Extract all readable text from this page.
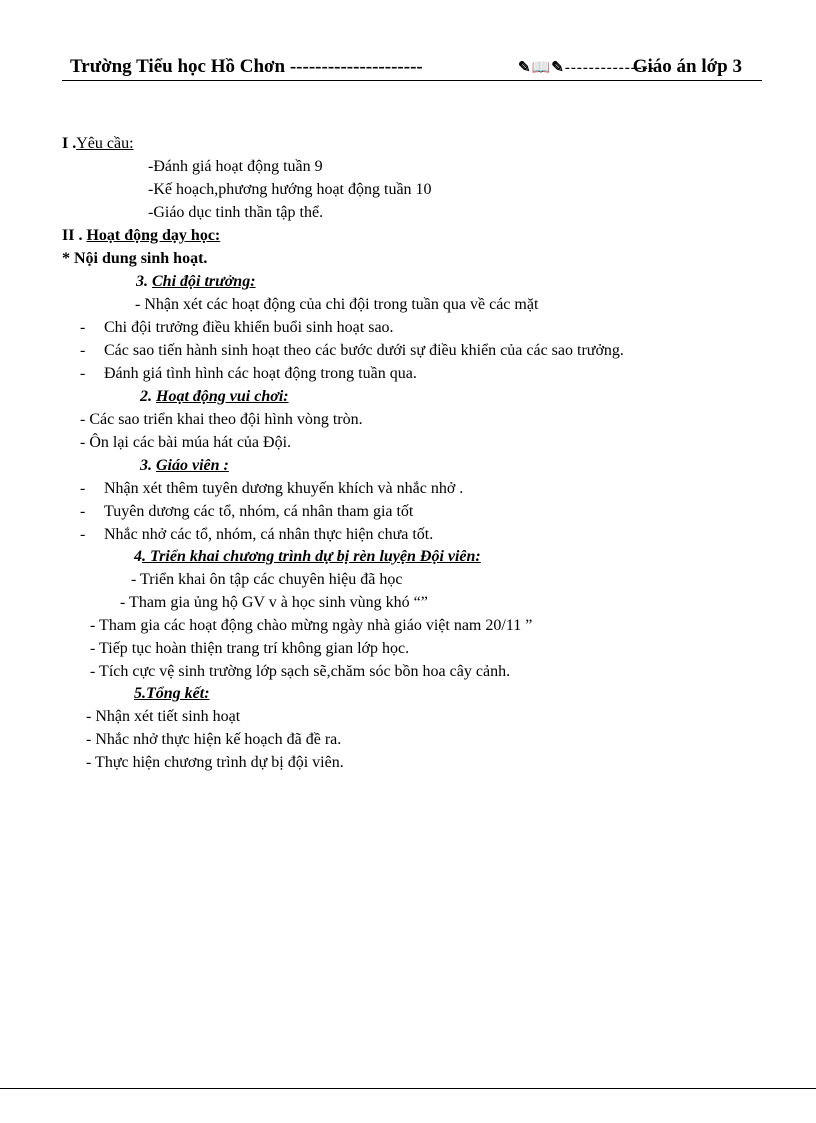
Trường Tiểu học Hồ Chơn ---------------------	✎📖✎---------------
Giáo án lớp 3
I .Yêu cầu:
-Đánh giá hoạt động tuần 9
-Kế hoạch,phương hướng hoạt động tuần 10
-Giáo dục tinh thần tập thể.
II . Hoạt động dạy học:
* Nội dung sinh hoạt.
3. Chi đội trưởng:
- Nhận xét các hoạt động của chi đội trong tuần qua về các mặt
- Chi đội trưởng điều khiển buổi sinh hoạt sao.
- Các sao tiến hành sinh hoạt theo các bước dưới sự điều khiển của các sao trưởng.
- Đánh giá tình hình các hoạt động trong tuần qua.
2. Hoạt động vui chơi:
- Các sao triển khai theo đội hình vòng tròn.
- Ôn lại các bài múa hát của Đội.
3. Giáo viên :
- Nhận xét thêm tuyên dương khuyến khích và nhắc nhở .
- Tuyên dương các tổ, nhóm, cá nhân tham gia tốt
- Nhắc nhở các tổ, nhóm, cá nhân thực hiện chưa tốt.
4. Triển khai chương trình dự bị rèn luyện Đội viên:
- Triển khai ôn tập các chuyên hiệu đã học
- Tham gia ủng hộ GV v à học sinh vùng khó “”
- Tham gia các hoạt động chào mừng ngày nhà giáo việt nam 20/11 ”
- Tiếp tục hoàn thiện trang trí không gian lớp học.
- Tích cực vệ sinh trường lớp sạch sẽ,chăm sóc bồn hoa cây cảnh.
5.Tổng kết:
- Nhận xét tiết sinh hoạt
- Nhắc nhở thực hiện kế hoạch đã đề ra.
- Thực hiện chương trình dự bị đội viên.
